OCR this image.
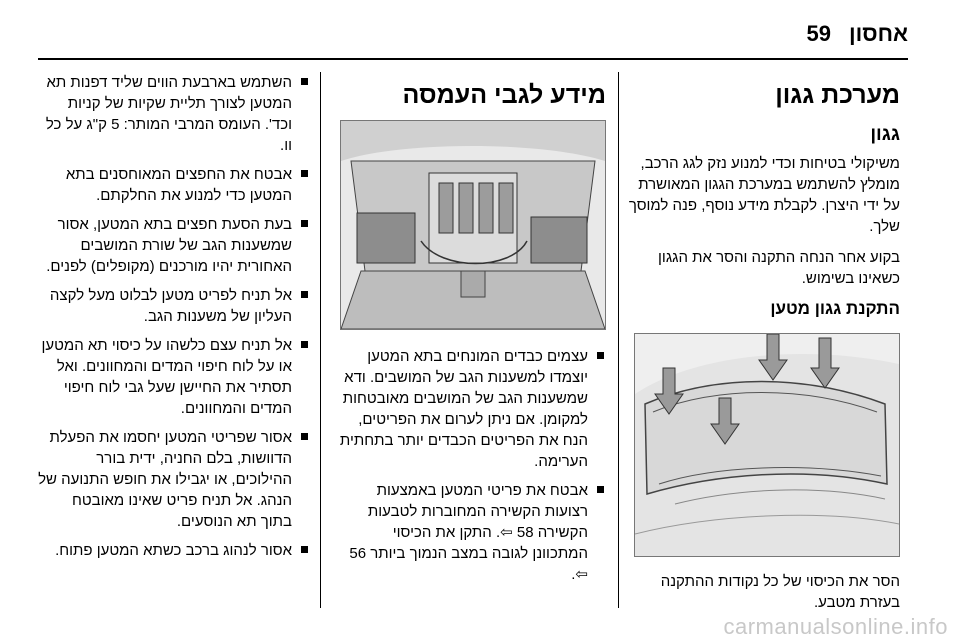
אחסון
59
מערכת גגון
גגון

משיקולי בטיחות וכדי למנוע נזק לגג הרכב, מומלץ להשתמש במערכת הגגון המאושרת על ידי היצרן. לקבלת מידע נוסף, פנה למוסך שלך.

בקוע אחר הנחה התקנה והסר את הגגון כשאינו בשימוש.

התקנת גגון מטען

הסר את הכיסוי של כל נקודות ההתקנה בעזרת מטבע.

מידע לגבי העמסה
עצמים כבדים המונחים בתא המטען יוצמדו למשענות הגב של המושבים. ודא שמשענות הגב של המושבים מאובטחות למקומן. אם ניתן לערום את הפריטים, הנח את הפריטים הכבדים יותר בתחתית הערימה.
אבטח את פריטי המטען באמצעות רצועות הקשירה המחוברות לטבעות הקשירה 58 ⇦. התקן את הכיסוי המתכוונן לגובה במצב הנמוך ביותר 56 ⇦.
השתמש בארבעת הווים שליד דפנות תא המטען לצורך תליית שקיות של קניות וכד'. העומס המרבי המותר: 5 ק"ג על כל וו.
אבטח את החפצים המאוחסנים בתא המטען כדי למנוע את החלקתם.
בעת הסעת חפצים בתא המטען, אסור שמשענות הגב של שורת המושבים האחורית יהיו מורכנים (מקופלים) לפנים.
אל תניח לפריט מטען לבלוט מעל לקצה העליון של משענות הגב.
אל תניח עצם כלשהו על כיסוי תא המטען או על לוח חיפוי המדים והמחוונים. ואל תסתיר את החיישן שעל גבי לוח חיפוי המדים והמחוונים.
אסור שפריטי המטען יחסמו את הפעלת הדוושות, בלם החניה, ידית בורר ההילוכים, או יגבילו את חופש התנועה של הנהג. אל תניח פריט שאינו מאובטח בתוך תא הנוסעים.
אסור לנהוג ברכב כשתא המטען פתוח.
carmanualsonline.info
